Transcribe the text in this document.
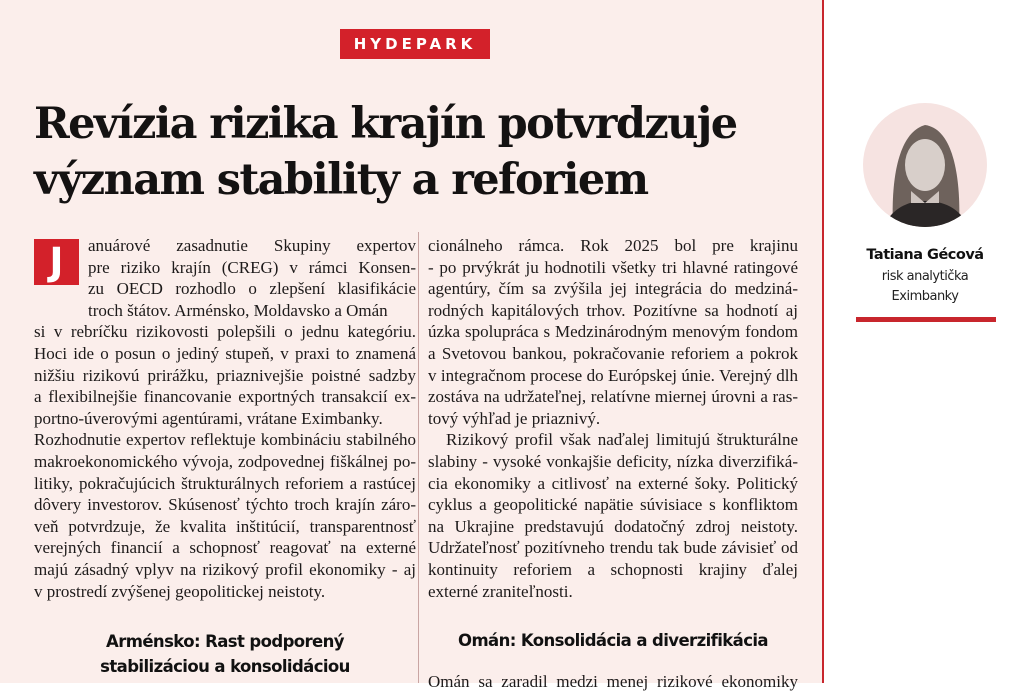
HYDEPARK
Revízia rizika krajín potvrdzuje
význam stability a reforiem
J	anuárové zasadnutie Skupiny expertov
pre riziko krajín (CREG) v rámci Konsen-
zu OECD rozhodlo o zlepšení klasifikácie
troch štátov. Arménsko, Moldavsko a Omán
si v rebríčku rizikovosti polepšili o jednu kategóriu.
Hoci ide o posun o jediný stupeň, v praxi to znamená
nižšiu rizikovú prirážku, priaznivejšie poistné sadzby
a flexibilnejšie financovanie exportných transakcií ex-
portno-úverovými agentúrami, vrátane Eximbanky.
Rozhodnutie expertov reflektuje kombináciu stabilného
makroekonomického vývoja, zodpovednej fiškálnej po-
litiky, pokračujúcich štrukturálnych reforiem a rastúcej
dôvery investorov. Skúsenosť týchto troch krajín záro-
veň potvrdzuje, že kvalita inštitúcií, transparentnosť
verejných financií a schopnosť reagovať na externé
majú zásadný vplyv na rizikový profil ekonomiky - aj
v prostredí zvýšenej geopolitickej neistoty.
Arménsko: Rast podporený
stabilizáciou a konsolidáciou
cionálneho rámca. Rok 2025 bol pre krajinu
- po prvýkrát ju hodnotili všetky tri hlavné ratingové
agentúry, čím sa zvýšila jej integrácia do medziná-
rodných kapitálových trhov. Pozitívne sa hodnotí aj
úzka spolupráca s Medzinárodným menovým fondom
a Svetovou bankou, pokračovanie reforiem a pokrok
v integračnom procese do Európskej únie. Verejný dlh
zostáva na udržateľnej, relatívne miernej úrovni a ras-
tový výhľad je priaznivý.
Rizikový profil však naďalej limitujú štrukturálne
slabiny - vysoké vonkajšie deficity, nízka diverzifiká-
cia ekonomiky a citlivosť na externé šoky. Politický
cyklus a geopolitické napätie súvisiace s konfliktom
na Ukrajine predstavujú dodatočný zdroj neistoty.
Udržateľnosť pozitívneho trendu tak bude závisieť od
kontinuity reforiem a schopnosti krajiny ďalej
externé zraniteľnosti.
Omán: Konsolidácia a diverzifikácia
Omán sa zaradil medzi menej rizikové ekonomiky
Tatiana Gécová
risk analytička
Eximbanky
